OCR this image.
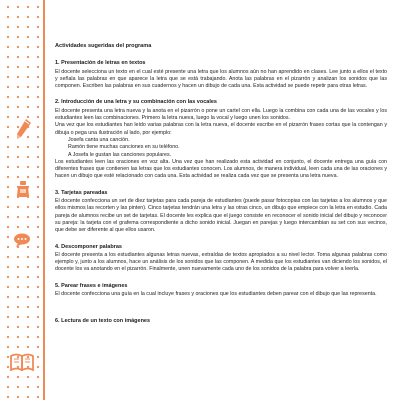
Actividades sugeridas del programa
1. Presentación de letras en textos
El docente selecciona un texto en el cual esté presente una letra que los alumnos aún no han aprendido en clases. Lee junto a ellos el texto y señala las palabras en que aparece la letra que se está trabajando. Anota las palabras en el pizarrón y analizan los sonidos que las componen. Escriben las palabras en sus cuadernos y hacen un dibujo de cada una. Esta actividad se puede repetir para otras letras.
2. Introducción de una letra y su combinación con las vocales

El docente presenta una letra nueva y la anota en el pizarrón o pone un cartel con ella. Luego la combina con cada una de las vocales y los estudiantes leen las combinaciones. Primero la letra nueva, luego la vocal y luego unen los sonidos.

Una vez que los estudiantes han leído varias palabras con la letra nueva, el docente escribe en el pizarrón frases cortas que la contengan y dibuja o pega una ilustración al lado, por ejemplo:

Josefa canta una canción.

Ramón tiene muchas canciones en su teléfono.

A Josefa le gustan las canciones populares.

Los estudiantes leen las oraciones en voz alta. Una vez que han realizado esta actividad en conjunto, el docente entrega una guía con diferentes frases que contienen las letras que los estudiantes conocen. Los alumnos, de manera individual, leen cada una de las oraciones y hacen un dibujo que esté relacionado con cada una. Esta actividad se realiza cada vez que se presenta una letra nueva.
3. Tarjetas pareadas
El docente confecciona un set de diez tarjetas para cada pareja de estudiantes (puede pasar fotocopias con las tarjetas a los alumnos y que ellos mismos las recorten y las pinten). Cinco tarjetas tendrán una letra y las otras cinco, un dibujo que empiece con la letra en estudio. Cada pareja de alumnos recibe un set de tarjetas. El docente les explica que el juego consiste en reconocer el sonido inicial del dibujo y reconocer su pareja: la tarjeta con el grafema correspondiente a dicho sonido inicial. Juegan en parejas y luego intercambian su set con sus vecinos, que debe ser diferente al que ellos usaron.
4. Descomponer palabras
El docente presenta a los estudiantes algunas letras nuevas, extraídas de textos apropiados a su nivel lector. Toma algunas palabras como ejemplo y, junto a los alumnos, hace un análisis de los sonidos que las componen. A medida que los estudiantes van diciendo los sonidos, el docente los va anotando en el pizarrón. Finalmente, unen nuevamente cada uno de los sonidos de la palabra para volver a leerla.
5. Parear frases e imágenes
El docente confecciona una guía en la cual incluye frases y oraciones que los estudiantes deben parear con el dibujo que las representa.
6. Lectura de un texto con imágenes
